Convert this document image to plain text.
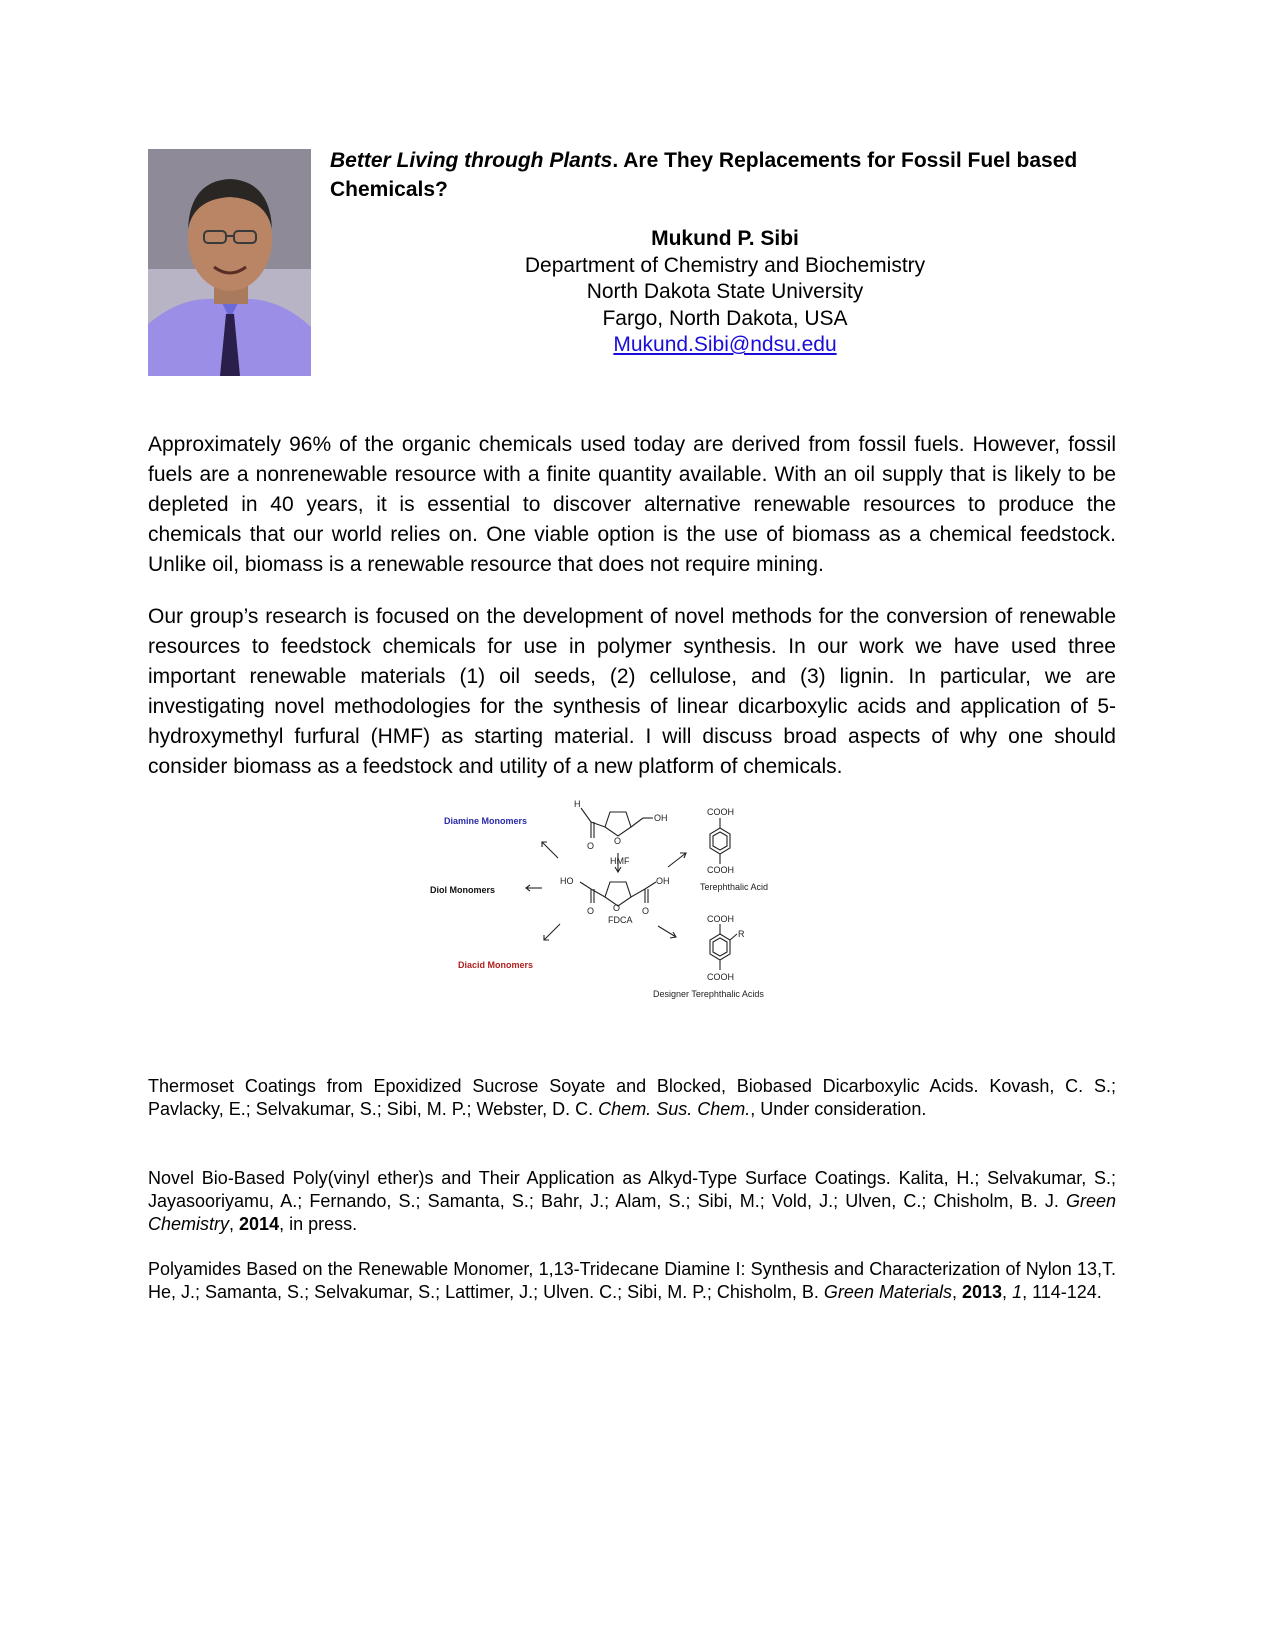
Better Living through Plants. Are They Replacements for Fossil Fuel based Chemicals?
Mukund P. Sibi
Department of Chemistry and Biochemistry
North Dakota State University
Fargo, North Dakota, USA
Mukund.Sibi@ndsu.edu

Approximately 96% of the organic chemicals used today are derived from fossil fuels. However, fossil fuels are a nonrenewable resource with a finite quantity available. With an oil supply that is likely to be depleted in 40 years, it is essential to discover alternative renewable resources to produce the chemicals that our world relies on. One viable option is the use of biomass as a chemical feedstock. Unlike oil, biomass is a renewable resource that does not require mining.

Our group’s research is focused on the development of novel methods for the conversion of renewable resources to feedstock chemicals for use in polymer synthesis. In our work we have used three important renewable materials (1) oil seeds, (2) cellulose, and (3) lignin. In particular, we are investigating novel methodologies for the synthesis of linear dicarboxylic acids and application of 5-hydroxymethyl furfural (HMF) as starting material. I will discuss broad aspects of why one should consider biomass as a feedstock and utility of a new platform of chemicals.

H
O O
OH
HO
O
OH
O	O
COOH
COOH
COOH
R
COOH
HMF
FDCA
Terephthalic Acid
Designer Terephthalic Acids
Diamine Monomers
Diol Monomers
Diacid Monomers

Thermoset Coatings from Epoxidized Sucrose Soyate and Blocked, Biobased Dicarboxylic Acids. Kovash, C. S.; Pavlacky, E.; Selvakumar, S.; Sibi, M. P.; Webster, D. C. Chem. Sus. Chem., Under consideration.

Novel Bio-Based Poly(vinyl ether)s and Their Application as Alkyd-Type Surface Coatings. Kalita, H.; Selvakumar, S.; Jayasooriyamu, A.; Fernando, S.; Samanta, S.; Bahr, J.; Alam, S.; Sibi, M.; Vold, J.; Ulven, C.; Chisholm, B. J. Green Chemistry, 2014, in press.

Polyamides Based on the Renewable Monomer, 1,13-Tridecane Diamine I: Synthesis and Characterization of Nylon 13,T. He, J.; Samanta, S.; Selvakumar, S.; Lattimer, J.; Ulven. C.; Sibi, M. P.; Chisholm, B. Green Materials, 2013, 1, 114-124.
